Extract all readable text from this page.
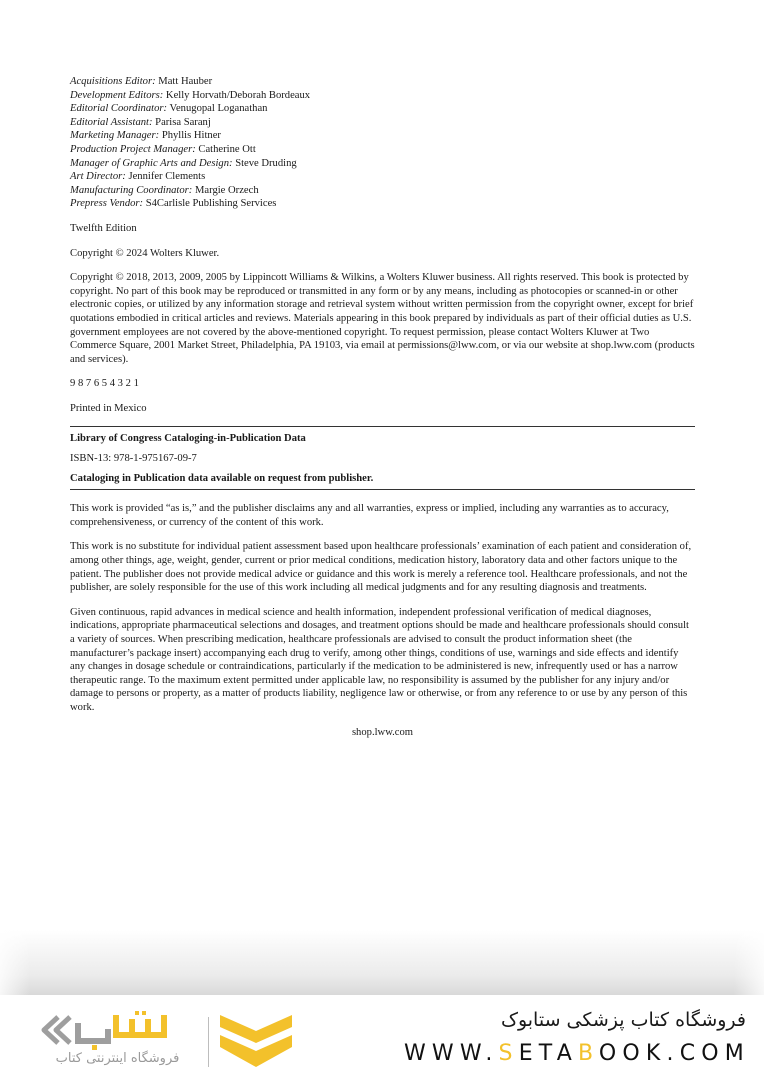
Acquisitions Editor: Matt Hauber
Development Editors: Kelly Horvath/Deborah Bordeaux
Editorial Coordinator: Venugopal Loganathan
Editorial Assistant: Parisa Saranj
Marketing Manager: Phyllis Hitner
Production Project Manager: Catherine Ott
Manager of Graphic Arts and Design: Steve Druding
Art Director: Jennifer Clements
Manufacturing Coordinator: Margie Orzech
Prepress Vendor: S4Carlisle Publishing Services
Twelfth Edition
Copyright © 2024 Wolters Kluwer.
Copyright © 2018, 2013, 2009, 2005 by Lippincott Williams & Wilkins, a Wolters Kluwer business. All rights reserved. This book is protected by copyright. No part of this book may be reproduced or transmitted in any form or by any means, including as photocopies or scanned-in or other electronic copies, or utilized by any information storage and retrieval system without written permission from the copyright owner, except for brief quotations embodied in critical articles and reviews. Materials appearing in this book prepared by individuals as part of their official duties as U.S. government employees are not covered by the above-mentioned copyright. To request permission, please contact Wolters Kluwer at Two Commerce Square, 2001 Market Street, Philadelphia, PA 19103, via email at permissions@lww.com, or via our website at shop.lww.com (products and services).
9 8 7 6 5 4 3 2 1
Printed in Mexico
Library of Congress Cataloging-in-Publication Data
ISBN-13: 978-1-975167-09-7
Cataloging in Publication data available on request from publisher.
This work is provided “as is,” and the publisher disclaims any and all warranties, express or implied, including any warranties as to accuracy, comprehensiveness, or currency of the content of this work.
This work is no substitute for individual patient assessment based upon healthcare professionals’ examination of each patient and consideration of, among other things, age, weight, gender, current or prior medical conditions, medication history, laboratory data and other factors unique to the patient. The publisher does not provide medical advice or guidance and this work is merely a reference tool. Healthcare professionals, and not the publisher, are solely responsible for the use of this work including all medical judgments and for any resulting diagnosis and treatments.
Given continuous, rapid advances in medical science and health information, independent professional verification of medical diagnoses, indications, appropriate pharmaceutical selections and dosages, and treatment options should be made and healthcare professionals should consult a variety of sources. When prescribing medication, healthcare professionals are advised to consult the product information sheet (the manufacturer’s package insert) accompanying each drug to verify, among other things, conditions of use, warnings and side effects and identify any changes in dosage schedule or contraindications, particularly if the medication to be administered is new, infrequently used or has a narrow therapeutic range. To the maximum extent permitted under applicable law, no responsibility is assumed by the publisher for any injury and/or damage to persons or property, as a matter of products liability, negligence law or otherwise, or from any reference to or use by any person of this work.
shop.lww.com
فروشگاه اینترنتی کتاب
فروشگاه کتاب پزشکی ستابوک
WWW.SETABOOK.COM
